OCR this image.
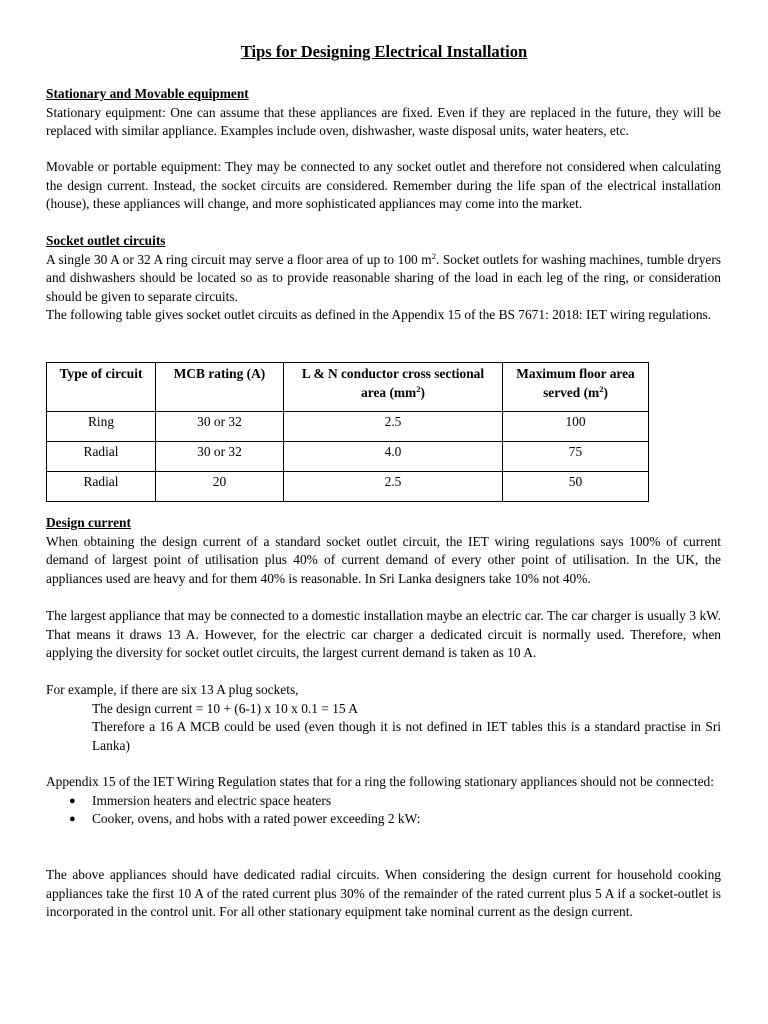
Tips for Designing Electrical Installation

Stationary and Movable equipment

Stationary equipment: One can assume that these appliances are fixed. Even if they are replaced in the future, they will be replaced with similar appliance. Examples include oven, dishwasher, waste disposal units, water heaters, etc.

Movable or portable equipment: They may be connected to any socket outlet and therefore not considered when calculating the design current. Instead, the socket circuits are considered. Remember during the life span of the electrical installation (house), these appliances will change, and more sophisticated appliances may come into the market.

Socket outlet circuits

A single 30 A or 32 A ring circuit may serve a floor area of up to 100 $m^2$. Socket outlets for washing machines, tumble dryers and dishwashers should be located so as to provide reasonable sharing of the load in each leg of the ring, or consideration should be given to separate circuits.

The following table gives socket outlet circuits as defined in the Appendix 15 of the BS 7671: 2018: IET wiring regulations.

Type of circuit	MCB rating (A)	L & N conductor cross sectional area $(mm^2)$	Maximum floor area served $(m^2)$
Ring	30 or 32	2.5	100
Radial	30 or 32	4.0	75
Radial	20	2.5	50

Design current

When obtaining the design current of a standard socket outlet circuit, the IET wiring regulations says 100% of current demand of largest point of utilisation plus 40% of current demand of every other point of utilisation. In the UK, the appliances used are heavy and for them 40% is reasonable. In Sri Lanka designers take 10% not 40%.

The largest appliance that may be connected to a domestic installation maybe an electric car. The car charger is usually 3 kW. That means it draws 13 A. However, for the electric car charger a dedicated circuit is normally used. Therefore, when applying the diversity for socket outlet circuits, the largest current demand is taken as 10 A.

For example, if there are six 13 A plug sockets,

The design current = 10 + (6-1) x 10 x 0.1 = 15 A

Therefore a 16 A MCB could be used (even though it is not defined in IET tables this is a standard practise in Sri Lanka)

Appendix 15 of the IET Wiring Regulation states that for a ring the following stationary appliances should not be connected:

● Immersion heaters and electric space heaters
● Cooker, ovens, and hobs with a rated power exceeding 2 kW:

The above appliances should have dedicated radial circuits. When considering the design current for household cooking appliances take the first 10 A of the rated current plus 30% of the remainder of the rated current plus 5 A if a socket-outlet is incorporated in the control unit. For all other stationary equipment take nominal current as the design current.
